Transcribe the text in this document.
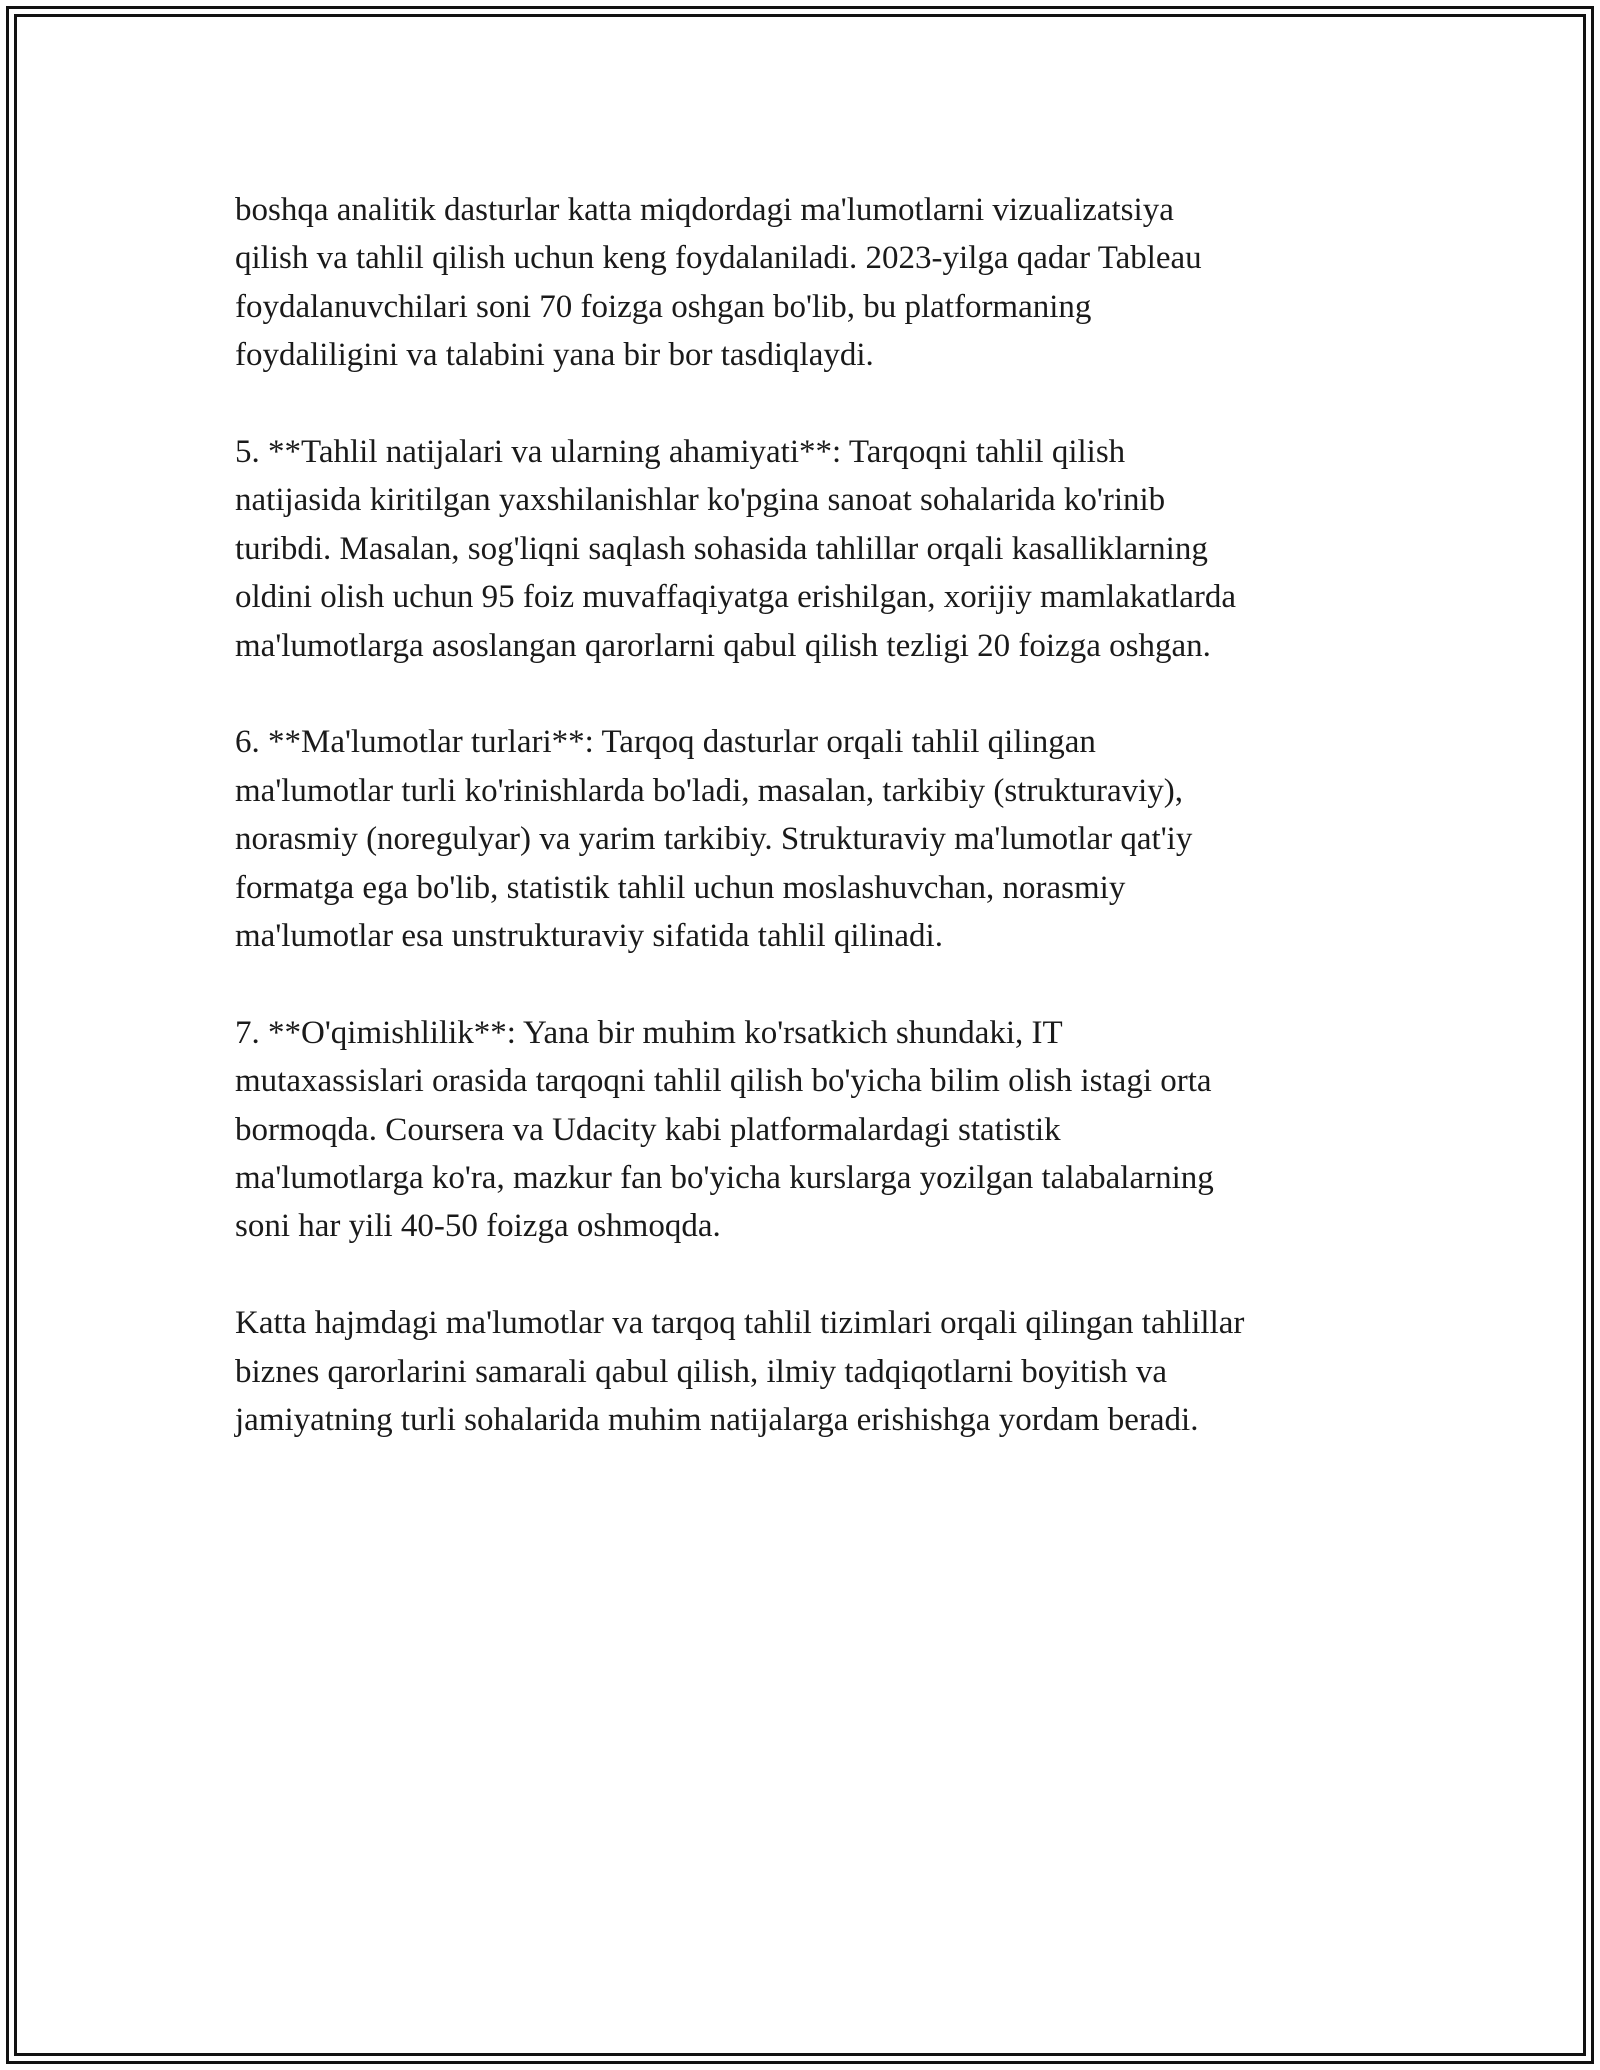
boshqa analitik dasturlar katta miqdordagi ma'lumotlarni vizualizatsiya
qilish va tahlil qilish uchun keng foydalaniladi. 2023-yilga qadar Tableau
foydalanuvchilari soni 70 foizga oshgan bo'lib, bu platformaning
foydaliligini va talabini yana bir bor tasdiqlaydi.

5. **Tahlil natijalari va ularning ahamiyati**: Tarqoqni tahlil qilish
natijasida kiritilgan yaxshilanishlar ko'pgina sanoat sohalarida ko'rinib
turibdi. Masalan, sog'liqni saqlash sohasida tahlillar orqali kasalliklarning
oldini olish uchun 95 foiz muvaffaqiyatga erishilgan, xorijiy mamlakatlarda
ma'lumotlarga asoslangan qarorlarni qabul qilish tezligi 20 foizga oshgan.

6. **Ma'lumotlar turlari**: Tarqoq dasturlar orqali tahlil qilingan
ma'lumotlar turli ko'rinishlarda bo'ladi, masalan, tarkibiy (strukturaviy),
norasmiy (noregulyar) va yarim tarkibiy. Strukturaviy ma'lumotlar qat'iy
formatga ega bo'lib, statistik tahlil uchun moslashuvchan, norasmiy
ma'lumotlar esa unstrukturaviy sifatida tahlil qilinadi.

7. **O'qimishlilik**: Yana bir muhim ko'rsatkich shundaki, IT
mutaxassislari orasida tarqoqni tahlil qilish bo'yicha bilim olish istagi orta
bormoqda. Coursera va Udacity kabi platformalardagi statistik
ma'lumotlarga ko'ra, mazkur fan bo'yicha kurslarga yozilgan talabalarning
soni har yili 40-50 foizga oshmoqda.

Katta hajmdagi ma'lumotlar va tarqoq tahlil tizimlari orqali qilingan tahlillar
biznes qarorlarini samarali qabul qilish, ilmiy tadqiqotlarni boyitish va
jamiyatning turli sohalarida muhim natijalarga erishishga yordam beradi.
